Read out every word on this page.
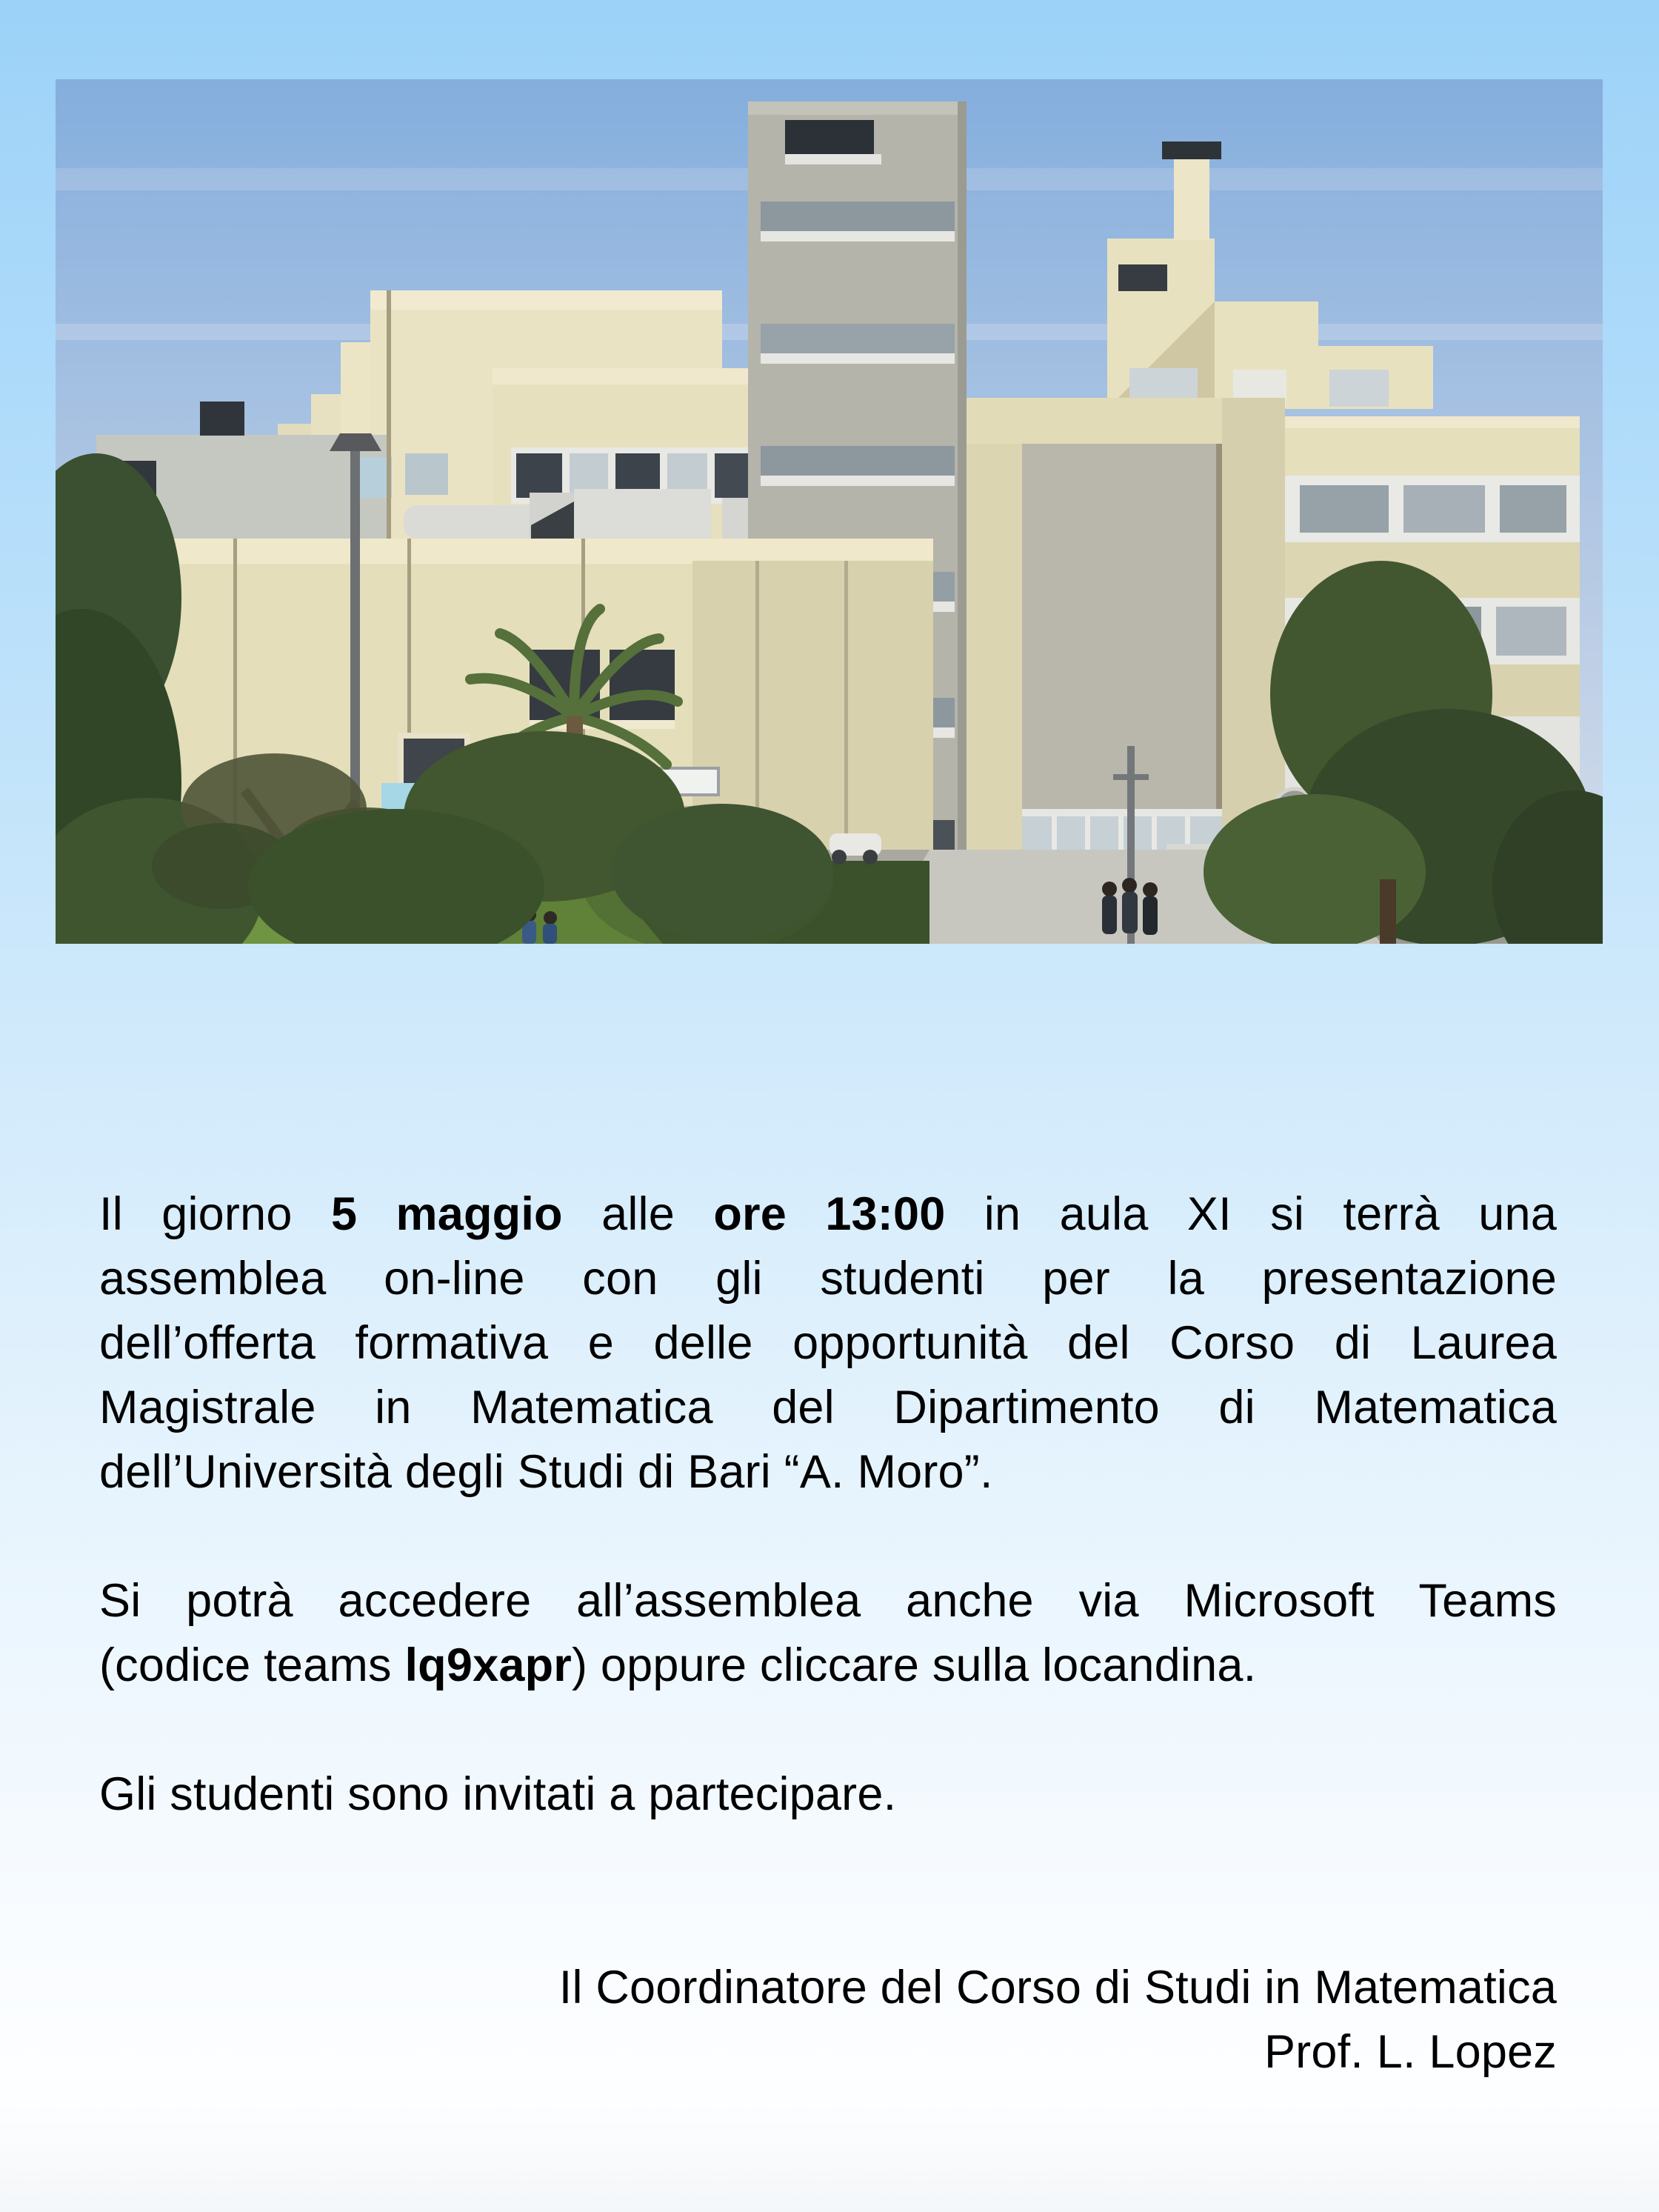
Il giorno 5 maggio alle ore 13:00 in aula XI si terrà una
assemblea on-line con gli studenti per la presentazione
dell’offerta formativa e delle opportunità del Corso di Laurea
Magistrale in Matematica del Dipartimento di Matematica
dell’Università degli Studi di Bari “A. Moro”.
Si potrà accedere all’assemblea anche via Microsoft Teams
(codice teams lq9xapr) oppure cliccare sulla locandina.
Gli studenti sono invitati a partecipare.
Il Coordinatore del Corso di Studi in Matematica
Prof. L. Lopez
